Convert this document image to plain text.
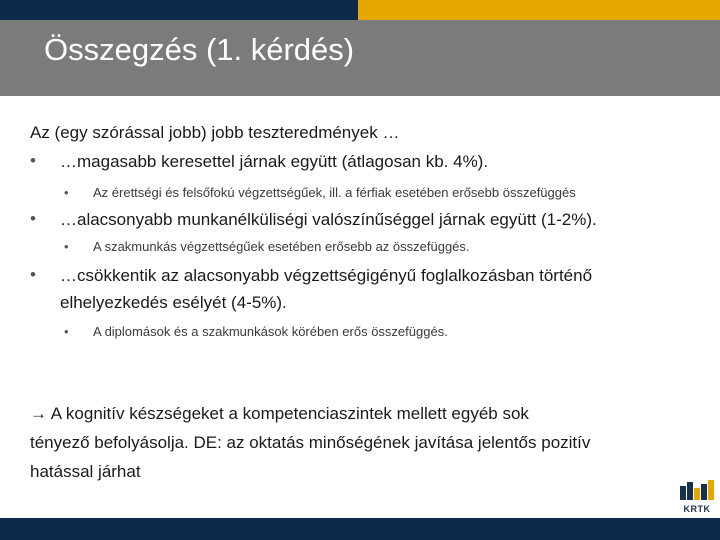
Összegzés (1. kérdés)
Az (egy szórással jobb) jobb teszteredmények …
• …magasabb keresettel járnak együtt (átlagosan kb. 4%).
• Az érettségi és felsőfokú végzettségűek, ill. a férfiak esetében erősebb összefüggés
• …alacsonyabb munkanélküliségi valószínűséggel járnak együtt (1-2%).
• A szakmunkás végzettségűek esetében erősebb az összefüggés.
• …csökkentik az alacsonyabb végzettségigényű foglalkozásban történő
elhelyezkedés esélyét (4-5%).
• A diplomások és a szakmunkások körében erős összefüggés.
→ A kognitív készségeket a kompetenciaszintek mellett egyéb sok
tényező befolyásolja. DE: az oktatás minőségének javítása jelentős pozitív
hatással járhat
KRTK
